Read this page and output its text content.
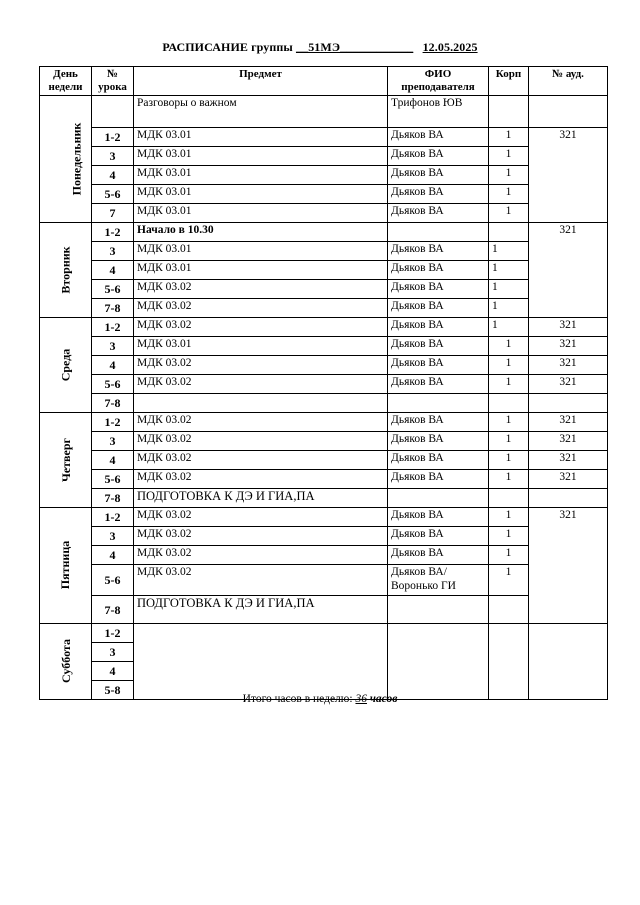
РАСПИСАНИЕ группы __51МЭ____________ 12.05.2025
День недели	№ урока	Предмет	ФИО преподавателя	Корп	№ ауд.
Понедельник		Разговоры о важном	Трифонов ЮВ		
	1-2	МДК 03.01	Дьяков ВА	1	321
	3	МДК 03.01	Дьяков ВА	1	
	4	МДК 03.01	Дьяков ВА	1	
	5-6	МДК 03.01	Дьяков ВА	1	
	7	МДК 03.01	Дьяков ВА	1	
Вторник	1-2	Начало в 10.30			321
	3	МДК 03.01	Дьяков ВА	1	
	4	МДК 03.01	Дьяков ВА	1	
	5-6	МДК 03.02	Дьяков ВА	1	
	7-8	МДК 03.02	Дьяков ВА	1	
Среда	1-2	МДК 03.02	Дьяков ВА	1	321
	3	МДК 03.01	Дьяков ВА	1	321
	4	МДК 03.02	Дьяков ВА	1	321
	5-6	МДК 03.02	Дьяков ВА	1	321
	7-8				
Четверг	1-2	МДК 03.02	Дьяков ВА	1	321
	3	МДК 03.02	Дьяков ВА	1	321
	4	МДК 03.02	Дьяков ВА	1	321
	5-6	МДК 03.02	Дьяков ВА	1	321
	7-8	ПОДГОТОВКА К ДЭ И ГИА,ПА			
Пятница	1-2	МДК 03.02	Дьяков ВА	1	321
	3	МДК 03.02	Дьяков ВА	1	
	4	МДК 03.02	Дьяков ВА	1	
	5-6	МДК 03.02	Дьяков ВА/Воронько ГИ	1	
	7-8	ПОДГОТОВКА К ДЭ И ГИА,ПА			
Суббота	1-2				
	3				
	4				
	5-8				
Итого часов в неделю: 36 часов
